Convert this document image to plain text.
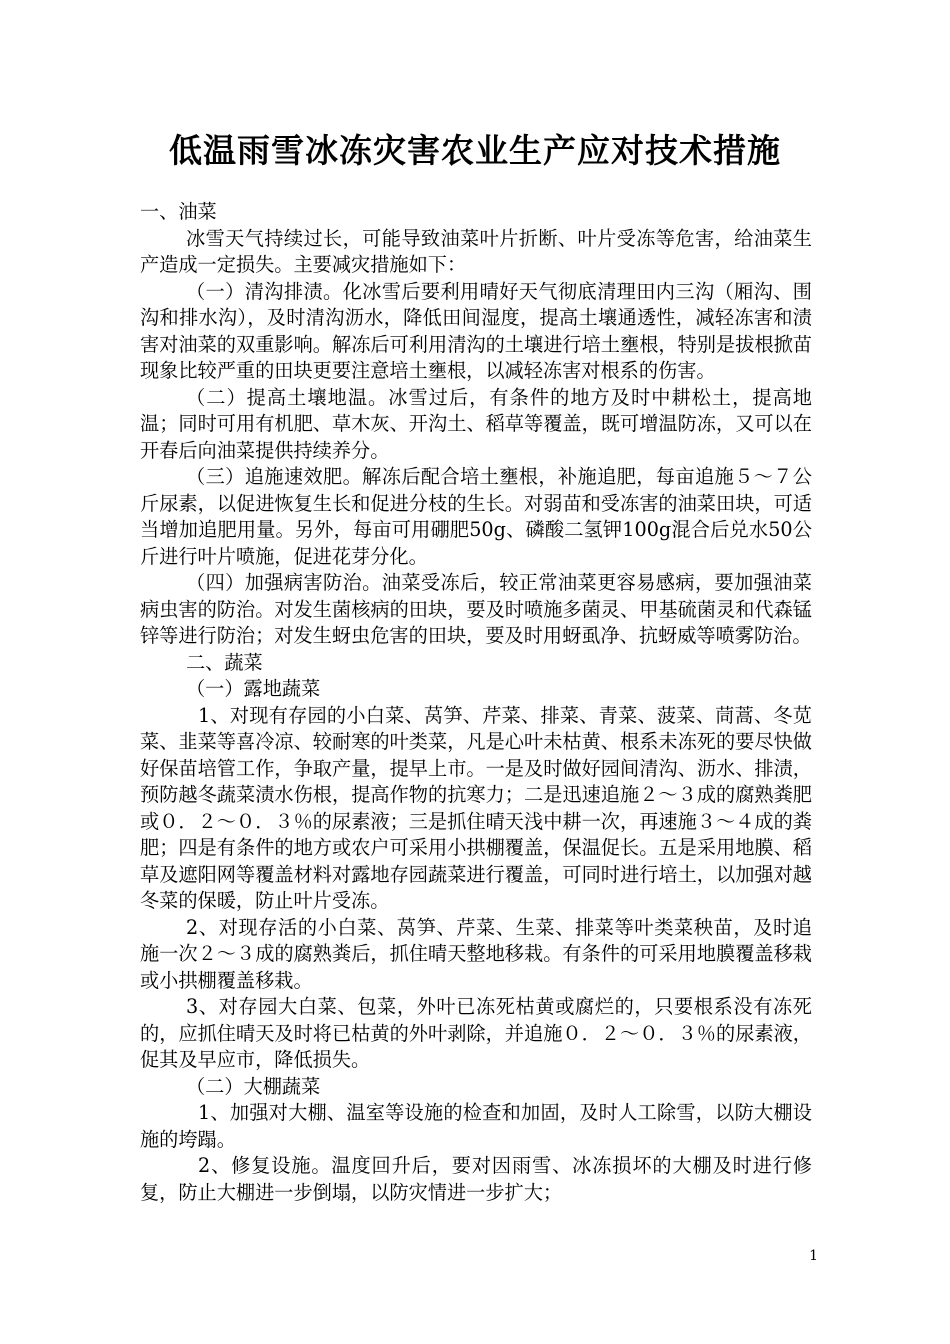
低温雨雪冰冻灾害农业生产应对技术措施

一、油菜

冰雪天气持续过长，可能导致油菜叶片折断、叶片受冻等危害，给油菜生产造成一定损失。主要减灾措施如下：

（一）清沟排渍。化冰雪后要利用晴好天气彻底清理田内三沟（厢沟、围沟和排水沟），及时清沟沥水，降低田间湿度，提高土壤通透性，减轻冻害和渍害对油菜的双重影响。解冻后可利用清沟的土壤进行培土壅根，特别是拔根掀苗现象比较严重的田块更要注意培土壅根，以减轻冻害对根系的伤害。

（二）提高土壤地温。冰雪过后，有条件的地方及时中耕松土，提高地温；同时可用有机肥、草木灰、开沟土、稻草等覆盖，既可增温防冻，又可以在开春后向油菜提供持续养分。

（三）追施速效肥。解冻后配合培土壅根，补施追肥，每亩追施５～７公斤尿素，以促进恢复生长和促进分枝的生长。对弱苗和受冻害的油菜田块，可适当增加追肥用量。另外，每亩可用硼肥50g、磷酸二氢钾100g混合后兑水50公斤进行叶片喷施，促进花芽分化。

（四）加强病害防治。油菜受冻后，较正常油菜更容易感病，要加强油菜病虫害的防治。对发生菌核病的田块，要及时喷施多菌灵、甲基硫菌灵和代森锰锌等进行防治；对发生蚜虫危害的田块，要及时用蚜虱净、抗蚜威等喷雾防治。

二、蔬菜

（一）露地蔬菜

1、对现有存园的小白菜、莴笋、芹菜、排菜、青菜、菠菜、茼蒿、冬苋菜、韭菜等喜冷凉、较耐寒的叶类菜，凡是心叶未枯黄、根系未冻死的要尽快做好保苗培管工作，争取产量，提早上市。一是及时做好园间清沟、沥水、排渍，预防越冬蔬菜渍水伤根，提高作物的抗寒力；二是迅速追施２～３成的腐熟粪肥或０．２～０．３％的尿素液；三是抓住晴天浅中耕一次，再速施３～４成的粪肥；四是有条件的地方或农户可采用小拱棚覆盖，保温促长。五是采用地膜、稻草及遮阳网等覆盖材料对露地存园蔬菜进行覆盖，可同时进行培土，以加强对越冬菜的保暖，防止叶片受冻。

2、对现存活的小白菜、莴笋、芹菜、生菜、排菜等叶类菜秧苗，及时追施一次２～３成的腐熟粪后，抓住晴天整地移栽。有条件的可采用地膜覆盖移栽或小拱棚覆盖移栽。

3、对存园大白菜、包菜，外叶已冻死枯黄或腐烂的，只要根系没有冻死的，应抓住晴天及时将已枯黄的外叶剥除，并追施０．２～０．３％的尿素液，促其及早应市，降低损失。

（二）大棚蔬菜

1、加强对大棚、温室等设施的检查和加固，及时人工除雪，以防大棚设施的垮蹋。

2、修复设施。温度回升后，要对因雨雪、冰冻损坏的大棚及时进行修复，防止大棚进一步倒塌，以防灾情进一步扩大；

1
